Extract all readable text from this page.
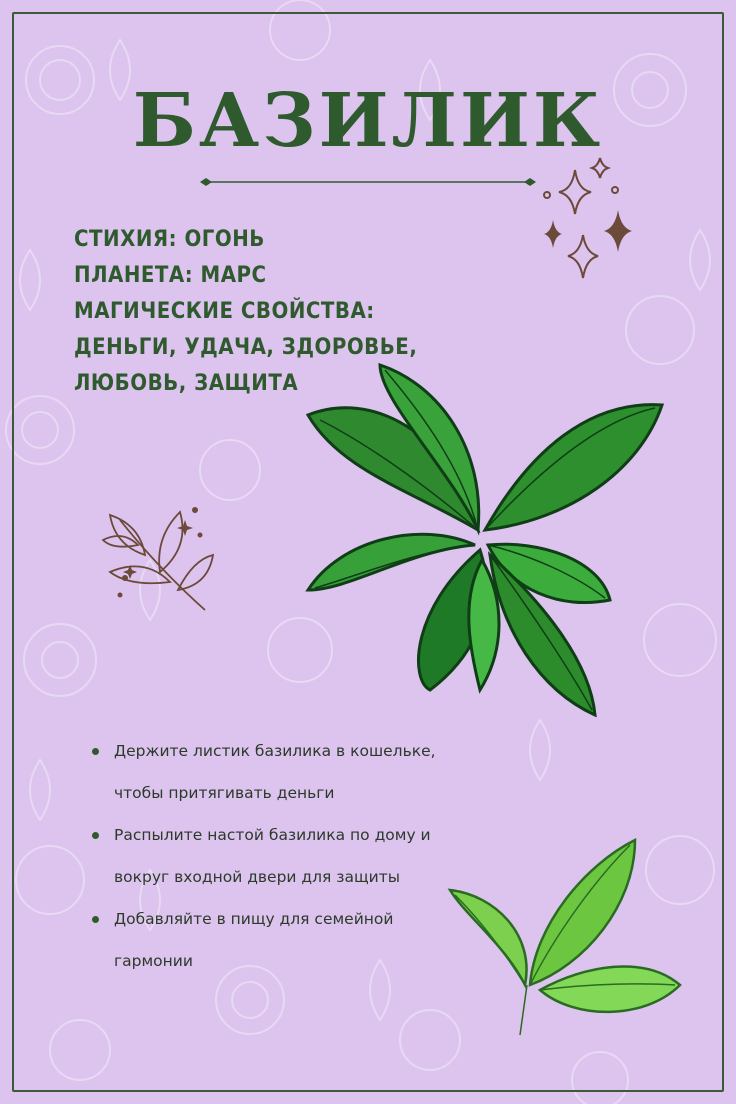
БАЗИЛИК
СТИХИЯ: ОГОНЬ
ПЛАНЕТА: МАРС
МАГИЧЕСКИЕ СВОЙСТВА:
ДЕНЬГИ, УДАЧА, ЗДОРОВЬЕ,
ЛЮБОВЬ, ЗАЩИТА
Держите листик базилика в кошельке, чтобы притягивать деньги
Распылите настой базилика по дому и вокруг входной двери для защиты
Добавляйте в пищу для семейной гармонии
